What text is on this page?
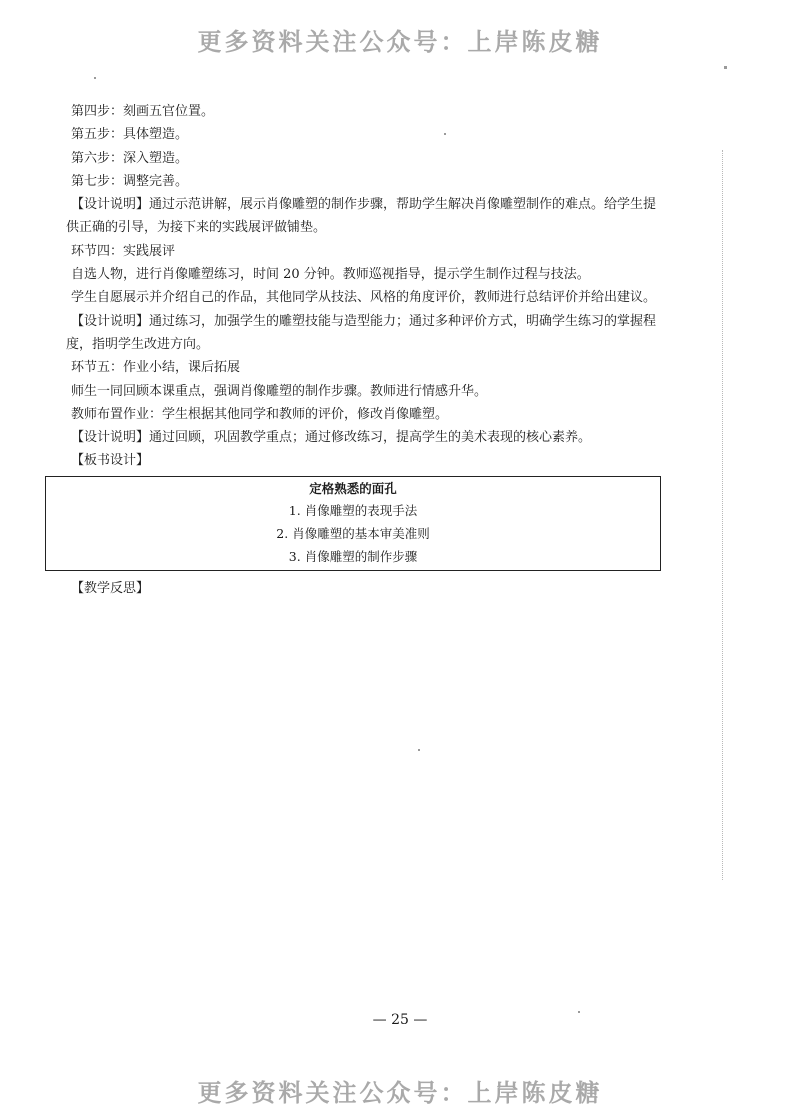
更多资料关注公众号：上岸陈皮糖

第四步：刻画五官位置。

第五步：具体塑造。

第六步：深入塑造。

第七步：调整完善。

【设计说明】通过示范讲解，展示肖像雕塑的制作步骤，帮助学生解决肖像雕塑制作的难点。给学生提

供正确的引导，为接下来的实践展评做铺垫。

环节四：实践展评

自选人物，进行肖像雕塑练习，时间 20 分钟。教师巡视指导，提示学生制作过程与技法。

学生自愿展示并介绍自己的作品，其他同学从技法、风格的角度评价，教师进行总结评价并给出建议。

【设计说明】通过练习，加强学生的雕塑技能与造型能力；通过多种评价方式，明确学生练习的掌握程

度，指明学生改进方向。

环节五：作业小结，课后拓展

师生一同回顾本课重点，强调肖像雕塑的制作步骤。教师进行情感升华。

教师布置作业：学生根据其他同学和教师的评价，修改肖像雕塑。

【设计说明】通过回顾，巩固教学重点；通过修改练习，提高学生的美术表现的核心素养。

【板书设计】

定格熟悉的面孔
1. 肖像雕塑的表现手法
2. 肖像雕塑的基本审美准则
3. 肖像雕塑的制作步骤

【教学反思】

— 25 —
更多资料关注公众号：上岸陈皮糖
